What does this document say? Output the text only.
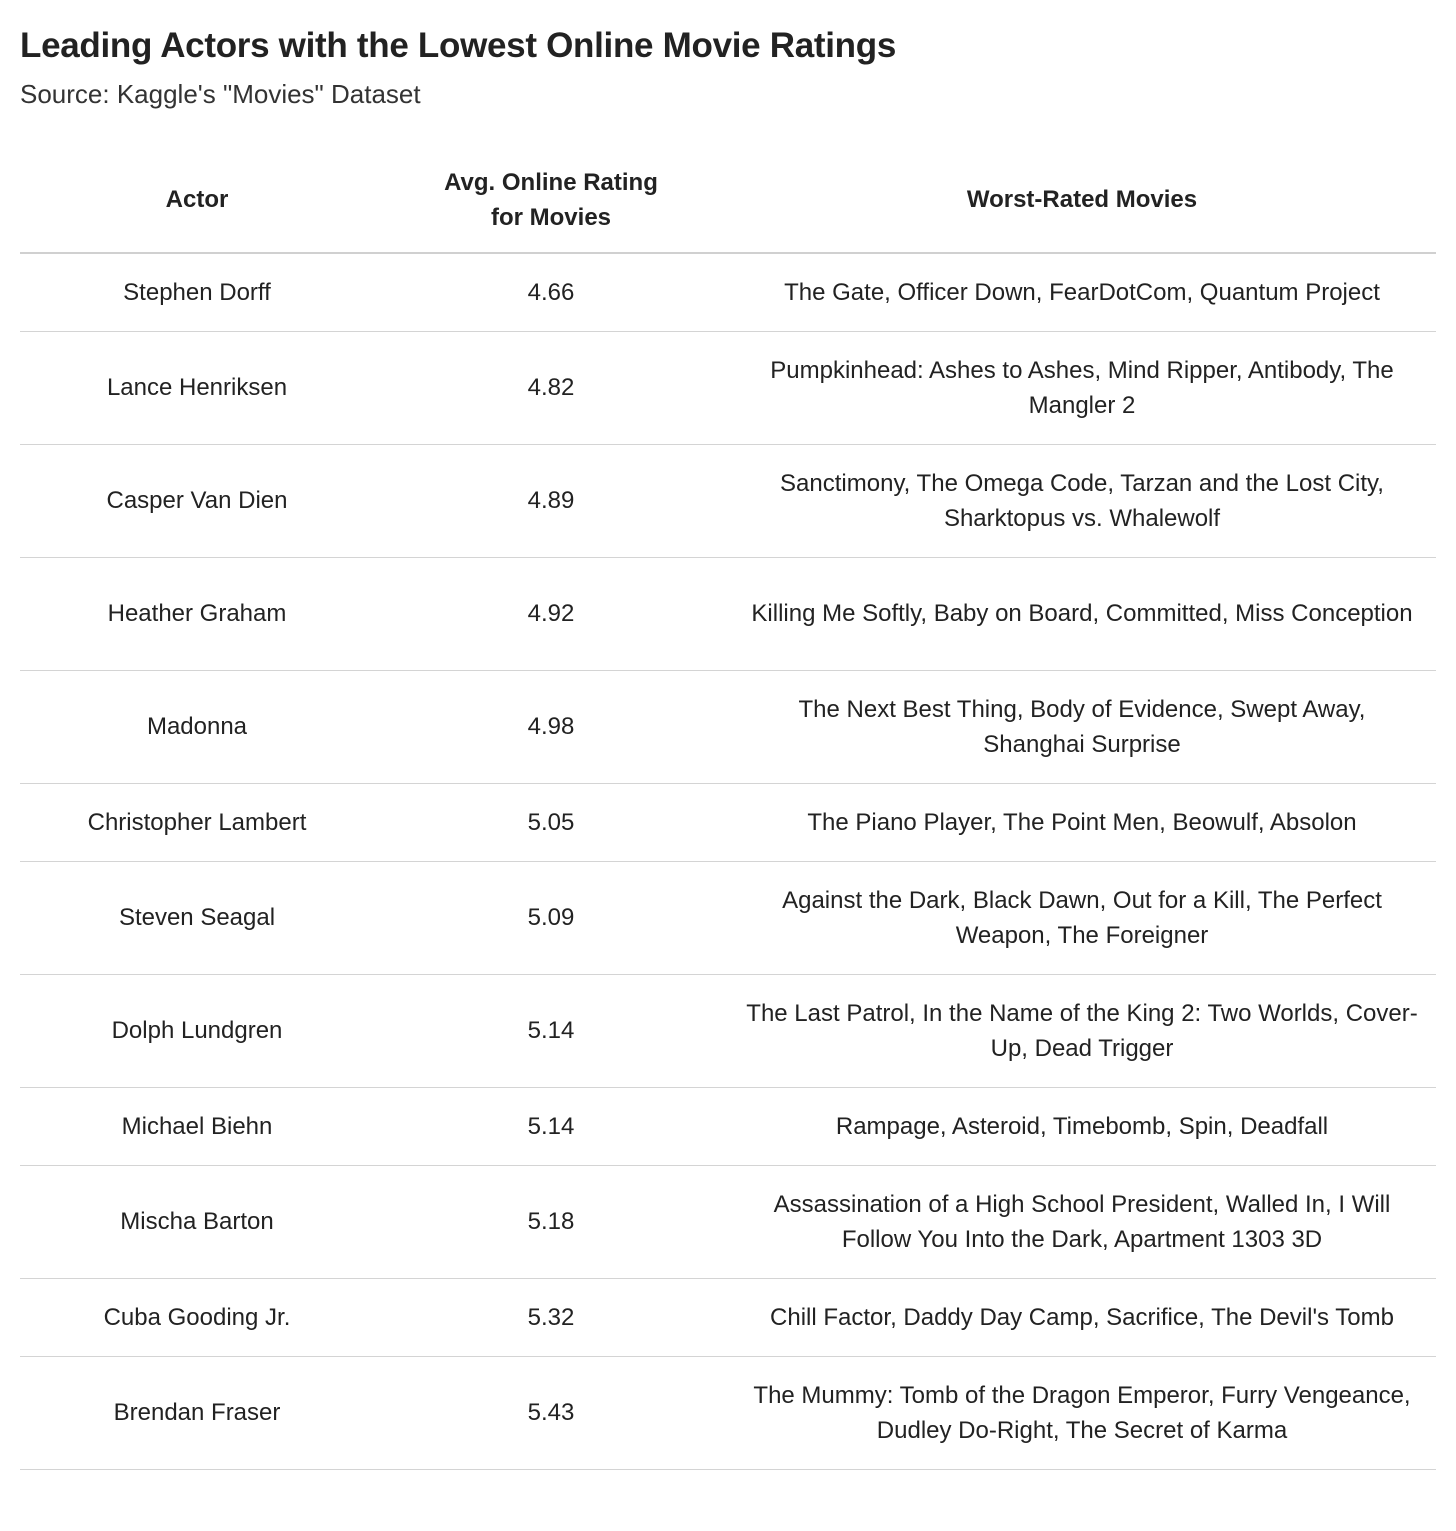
Leading Actors with the Lowest Online Movie Ratings

Source: Kaggle's "Movies" Dataset

Actor	Avg. Online Rating for Movies	Worst-Rated Movies
Stephen Dorff	4.66	The Gate, Officer Down, FearDotCom, Quantum Project
Lance Henriksen	4.82	Pumpkinhead: Ashes to Ashes, Mind Ripper, Antibody, The Mangler 2
Casper Van Dien	4.89	Sanctimony, The Omega Code, Tarzan and the Lost City, Sharktopus vs. Whalewolf
Heather Graham	4.92	Killing Me Softly, Baby on Board, Committed, Miss Conception
Madonna	4.98	The Next Best Thing, Body of Evidence, Swept Away, Shanghai Surprise
Christopher Lambert	5.05	The Piano Player, The Point Men, Beowulf, Absolon
Steven Seagal	5.09	Against the Dark, Black Dawn, Out for a Kill, The Perfect Weapon, The Foreigner
Dolph Lundgren	5.14	The Last Patrol, In the Name of the King 2: Two Worlds, Cover-Up, Dead Trigger
Michael Biehn	5.14	Rampage, Asteroid, Timebomb, Spin, Deadfall
Mischa Barton	5.18	Assassination of a High School President, Walled In, I Will Follow You Into the Dark, Apartment 1303 3D
Cuba Gooding Jr.	5.32	Chill Factor, Daddy Day Camp, Sacrifice, The Devil's Tomb
Brendan Fraser	5.43	The Mummy: Tomb of the Dragon Emperor, Furry Vengeance, Dudley Do-Right, The Secret of Karma
